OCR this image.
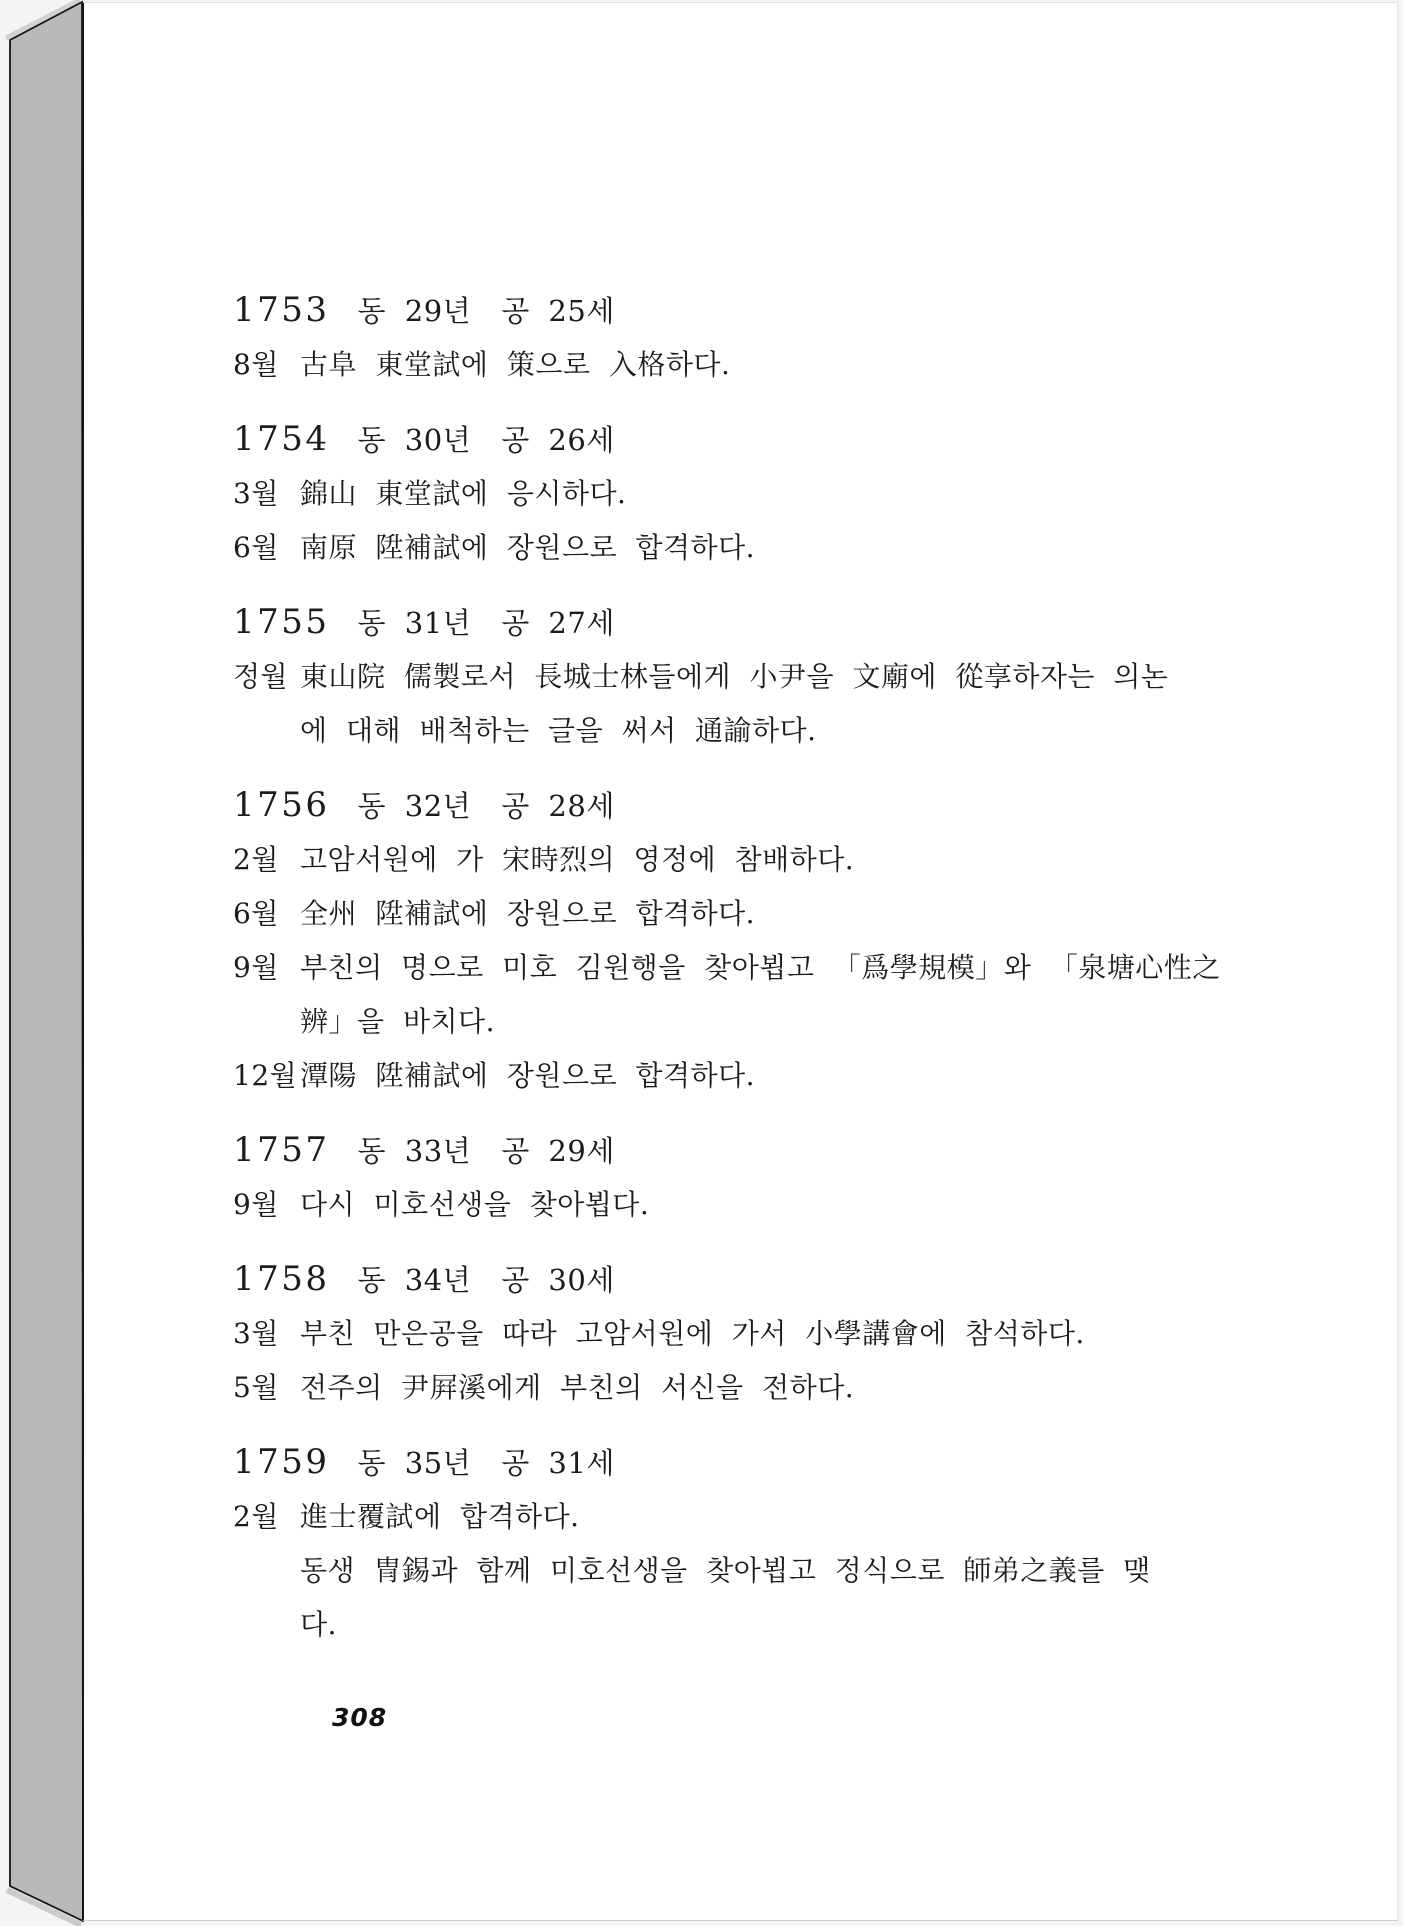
1753 동 29년 공 25세
8월 古阜 東堂試에 策으로 入格하다.
1754 동 30년 공 26세
3월 錦山 東堂試에 응시하다.
6월 南原 陞補試에 장원으로 합격하다.
1755 동 31년 공 27세
정월 東山院 儒製로서 長城士林들에게 小尹을 文廟에 從享하자는 의논
에 대해 배척하는 글을 써서 通諭하다.
1756 동 32년 공 28세
2월 고암서원에 가 宋時烈의 영정에 참배하다.
6월 全州 陞補試에 장원으로 합격하다.
9월 부친의 명으로 미호 김원행을 찾아뵙고 「爲學規模」와 「泉塘心性之
辨」을 바치다.
12월 潭陽 陞補試에 장원으로 합격하다.
1757 동 33년 공 29세
9월 다시 미호선생을 찾아뵙다.
1758 동 34년 공 30세
3월 부친 만은공을 따라 고암서원에 가서 小學講會에 참석하다.
5월 전주의 尹屛溪에게 부친의 서신을 전하다.
1759 동 35년 공 31세
2월 進士覆試에 합격하다.
동생 冑錫과 함께 미호선생을 찾아뵙고 정식으로 師弟之義를 맺
다.
308
